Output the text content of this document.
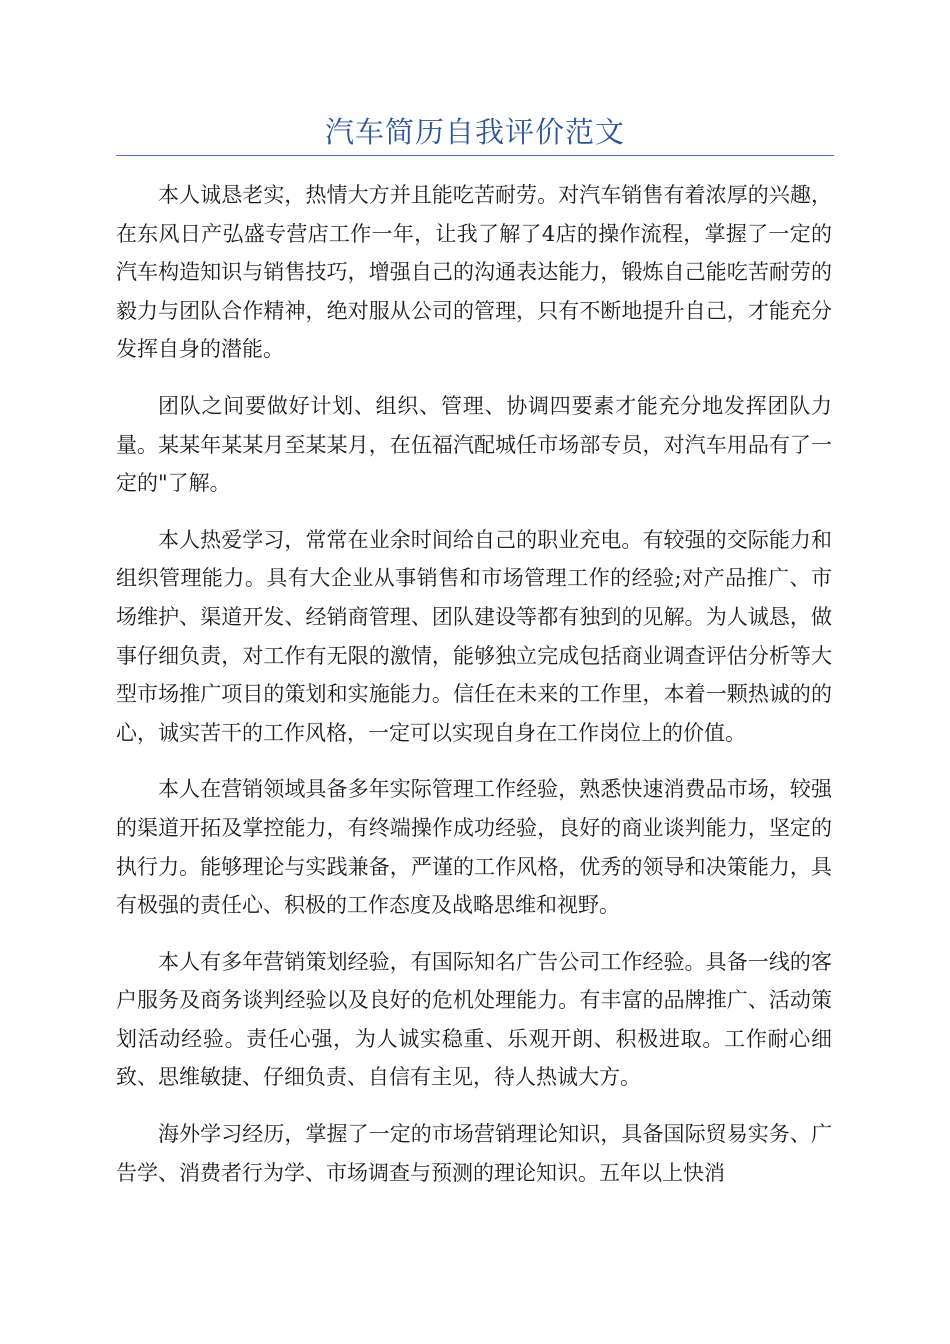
汽车简历自我评价范文

本人诚恳老实，热情大方并且能吃苦耐劳。对汽车销售有着浓厚的兴趣，在东风日产弘盛专营店工作一年，让我了解了4店的操作流程，掌握了一定的汽车构造知识与销售技巧，增强自己的沟通表达能力，锻炼自己能吃苦耐劳的毅力与团队合作精神，绝对服从公司的管理，只有不断地提升自己，才能充分发挥自身的潜能。

团队之间要做好计划、组织、管理、协调四要素才能充分地发挥团队力量。某某年某某月至某某月，在伍福汽配城任市场部专员，对汽车用品有了一定的"了解。

本人热爱学习，常常在业余时间给自己的职业充电。有较强的交际能力和组织管理能力。具有大企业从事销售和市场管理工作的经验;对产品推广、市场维护、渠道开发、经销商管理、团队建设等都有独到的见解。为人诚恳，做事仔细负责，对工作有无限的激情，能够独立完成包括商业调查评估分析等大型市场推广项目的策划和实施能力。信任在未来的工作里，本着一颗热诚的的心，诚实苦干的工作风格，一定可以实现自身在工作岗位上的价值。

本人在营销领域具备多年实际管理工作经验，熟悉快速消费品市场，较强的渠道开拓及掌控能力，有终端操作成功经验，良好的商业谈判能力，坚定的执行力。能够理论与实践兼备，严谨的工作风格，优秀的领导和决策能力，具有极强的责任心、积极的工作态度及战略思维和视野。

本人有多年营销策划经验，有国际知名广告公司工作经验。具备一线的客户服务及商务谈判经验以及良好的危机处理能力。有丰富的品牌推广、活动策划活动经验。责任心强，为人诚实稳重、乐观开朗、积极进取。工作耐心细致、思维敏捷、仔细负责、自信有主见，待人热诚大方。

海外学习经历，掌握了一定的市场营销理论知识，具备国际贸易实务、广告学、消费者行为学、市场调查与预测的理论知识。五年以上快消
